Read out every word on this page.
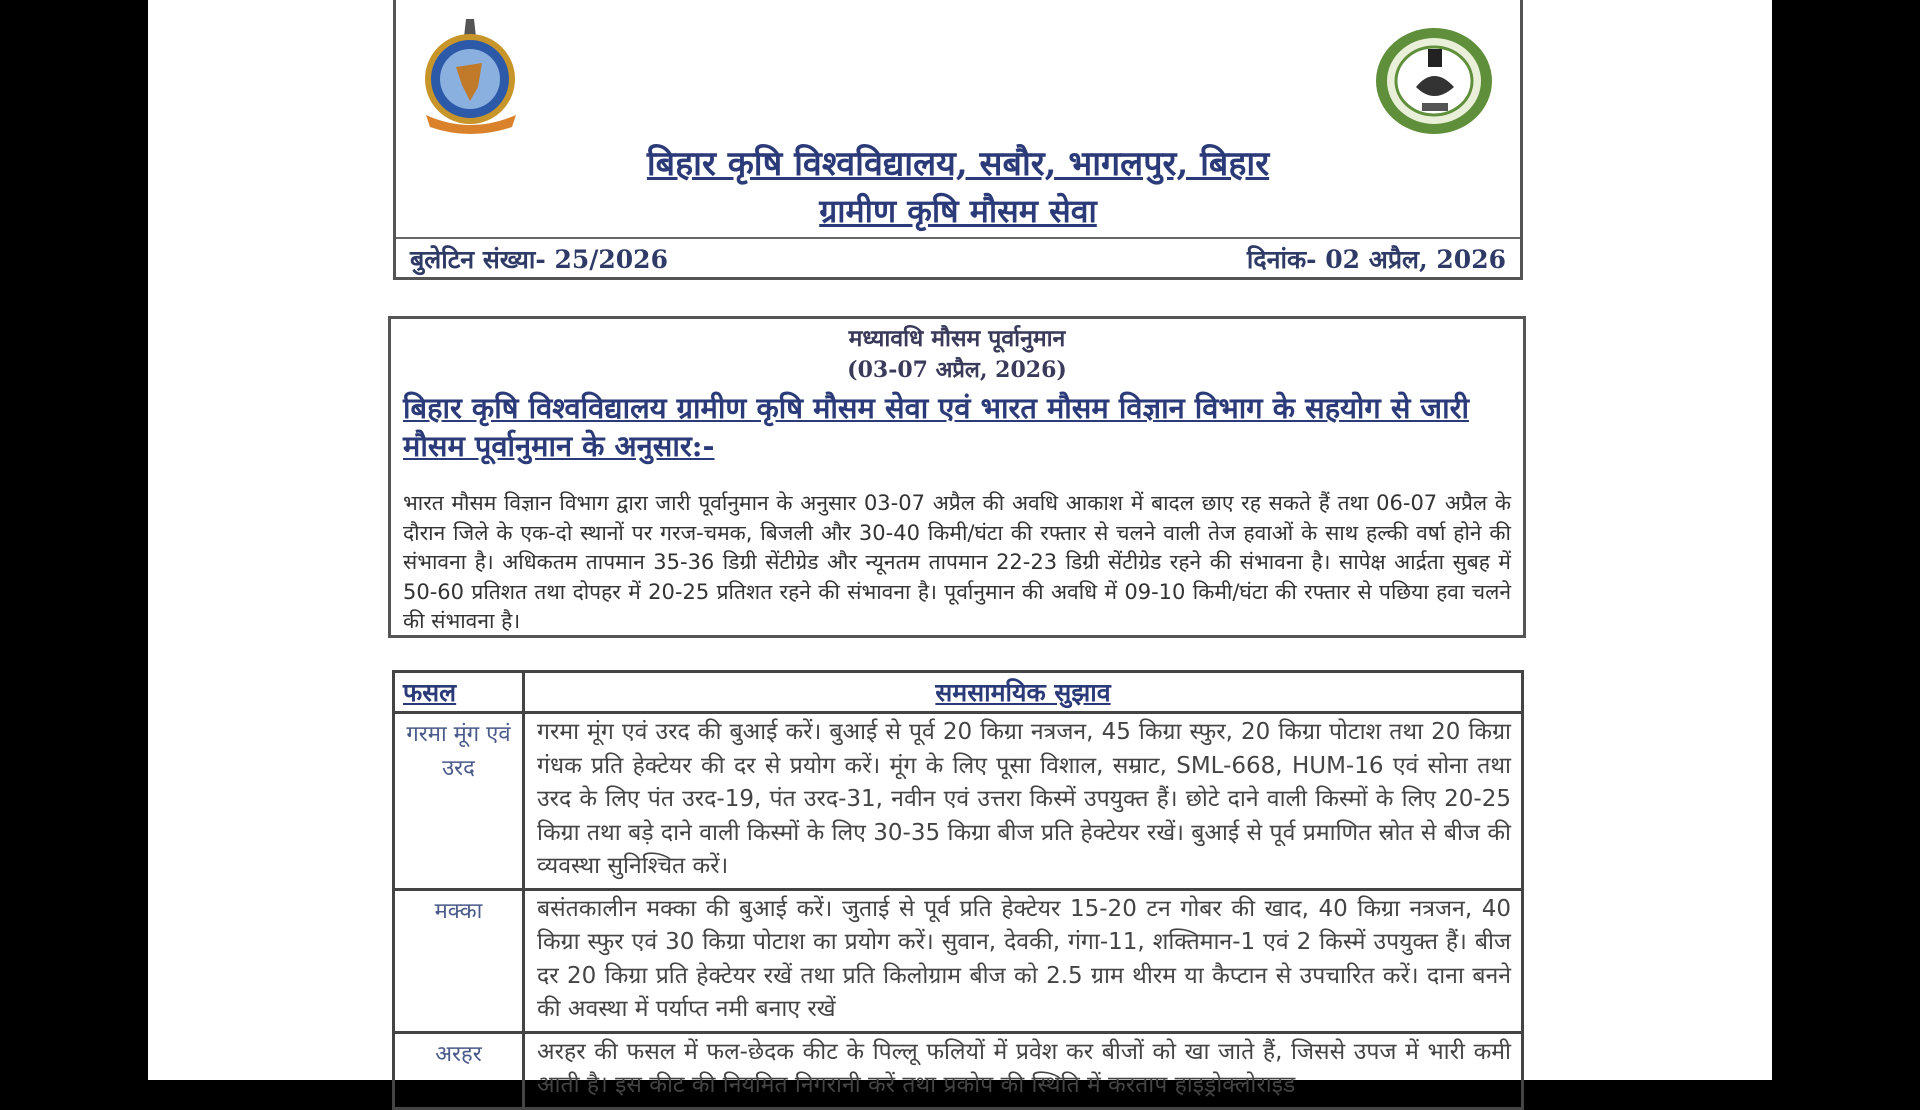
बिहार कृषि विश्वविद्यालय, सबौर, भागलपुर, बिहार
ग्रामीण कृषि मौसम सेवा
बुलेटिन संख्या- 25/2026	दिनांक- 02 अप्रैल, 2026
मध्यावधि मौसम पूर्वानुमान
(03-07 अप्रैल, 2026)
बिहार कृषि विश्वविद्यालय ग्रामीण कृषि मौसम सेवा एवं भारत मौसम विज्ञान विभाग के सहयोग से जारी मौसम पूर्वानुमान के अनुसार:-
भारत मौसम विज्ञान विभाग द्वारा जारी पूर्वानुमान के अनुसार 03-07 अप्रैल की अवधि आकाश में बादल छाए रह सकते हैं तथा 06-07 अप्रैल के दौरान जिले के एक-दो स्थानों पर गरज-चमक, बिजली और 30-40 किमी/घंटा की रफ्तार से चलने वाली तेज हवाओं के साथ हल्की वर्षा होने की संभावना है। अधिकतम तापमान 35-36 डिग्री सेंटीग्रेड और न्यूनतम तापमान 22-23 डिग्री सेंटीग्रेड रहने की संभावना है। सापेक्ष आर्द्रता सुबह में 50-60 प्रतिशत तथा दोपहर में 20-25 प्रतिशत रहने की संभावना है। पूर्वानुमान की अवधि में 09-10 किमी/घंटा की रफ्तार से पछिया हवा चलने की संभावना है।
फसल	समसामयिक सुझाव
गरमा मूंग एवं उरद	गरमा मूंग एवं उरद की बुआई करें। बुआई से पूर्व 20 किग्रा नत्रजन, 45 किग्रा स्फुर, 20 किग्रा पोटाश तथा 20 किग्रा गंधक प्रति हेक्टेयर की दर से प्रयोग करें। मूंग के लिए पूसा विशाल, सम्राट, SML-668, HUM-16 एवं सोना तथा उरद के लिए पंत उरद-19, पंत उरद-31, नवीन एवं उत्तरा किस्में उपयुक्त हैं। छोटे दाने वाली किस्मों के लिए 20-25 किग्रा तथा बड़े दाने वाली किस्मों के लिए 30-35 किग्रा बीज प्रति हेक्टेयर रखें। बुआई से पूर्व प्रमाणित स्रोत से बीज की व्यवस्था सुनिश्चित करें।
मक्का	बसंतकालीन मक्का की बुआई करें। जुताई से पूर्व प्रति हेक्टेयर 15-20 टन गोबर की खाद, 40 किग्रा नत्रजन, 40 किग्रा स्फुर एवं 30 किग्रा पोटाश का प्रयोग करें। सुवान, देवकी, गंगा-11, शक्तिमान-1 एवं 2 किस्में उपयुक्त हैं। बीज दर 20 किग्रा प्रति हेक्टेयर रखें तथा प्रति किलोग्राम बीज को 2.5 ग्राम थीरम या कैप्टान से उपचारित करें। दाना बनने की अवस्था में पर्याप्त नमी बनाए रखें
अरहर	अरहर की फसल में फल-छेदक कीट के पिल्लू फलियों में प्रवेश कर बीजों को खा जाते हैं, जिससे उपज में भारी कमी आती है। इस कीट की नियमित निगरानी करें तथा प्रकोप की स्थिति में करताप हाइड्रोक्लोराइड
